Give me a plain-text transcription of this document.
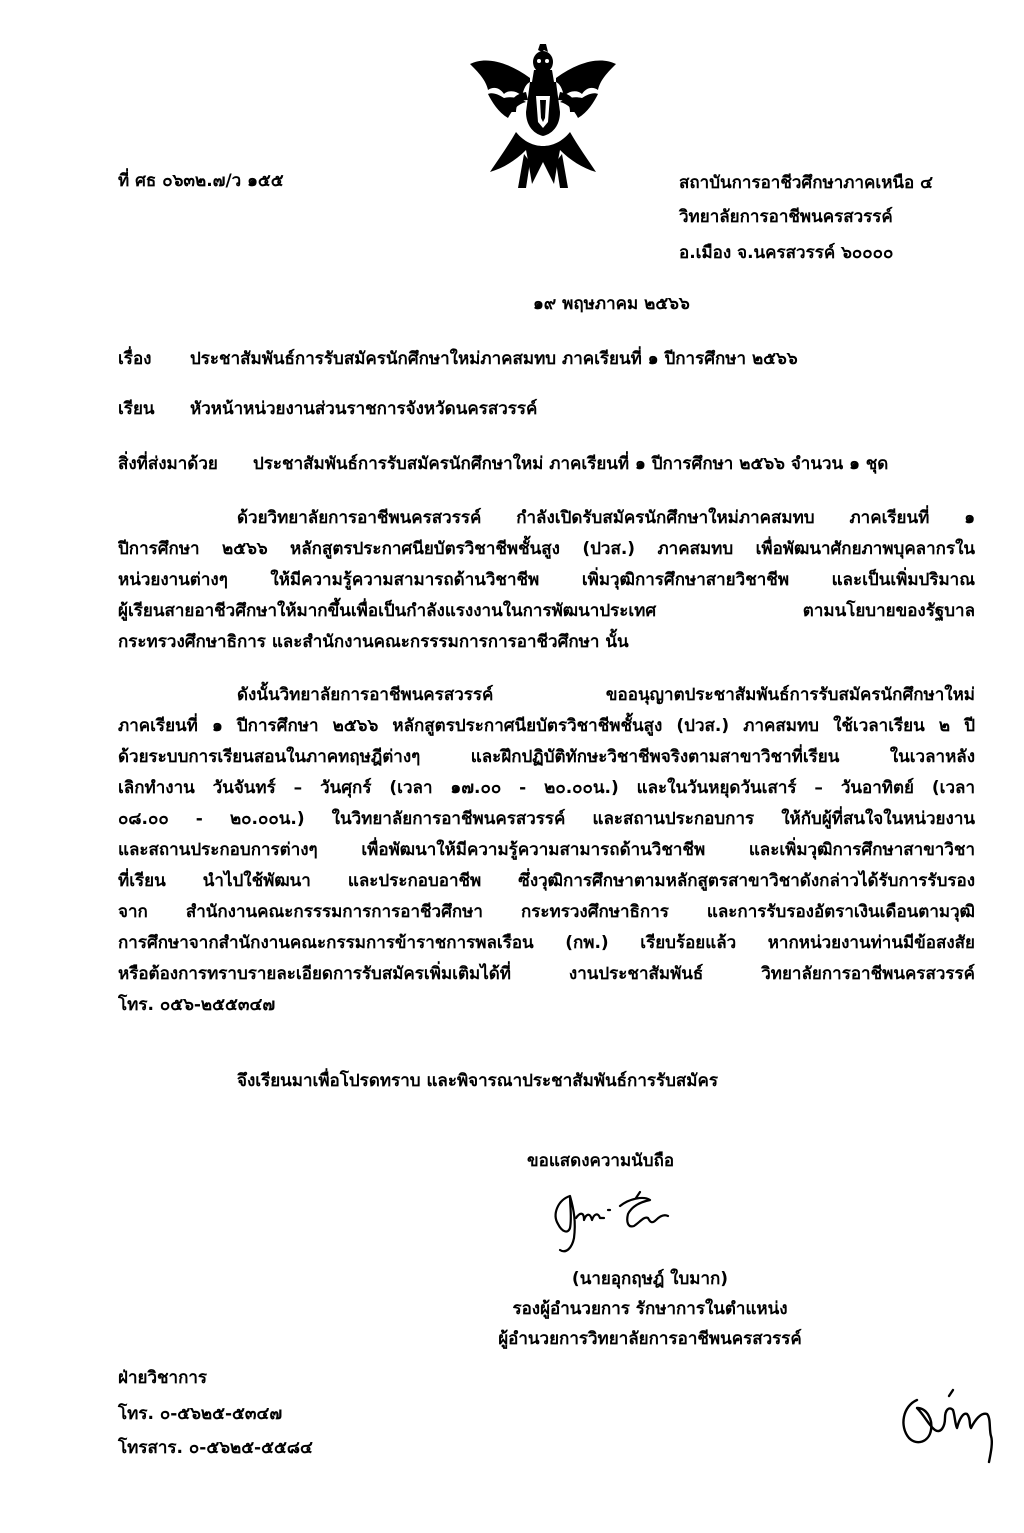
ที่ ศธ ๐๖๓๒.๗/ว ๑๕๕	สถาบันการอาชีวศึกษาภาคเหนือ ๔
วิทยาลัยการอาชีพนครสวรรค์
อ.เมือง จ.นครสวรรค์ ๖๐๐๐๐
๑๙ พฤษภาคม ๒๕๖๖
เรื่อง ประชาสัมพันธ์การรับสมัครนักศึกษาใหม่ภาคสมทบ ภาคเรียนที่ ๑ ปีการศึกษา ๒๕๖๖
เรียน หัวหน้าหน่วยงานส่วนราชการจังหวัดนครสวรรค์
สิ่งที่ส่งมาด้วย ประชาสัมพันธ์การรับสมัครนักศึกษาใหม่ ภาคเรียนที่ ๑ ปีการศึกษา ๒๕๖๖ จำนวน ๑ ชุด
ด้วยวิทยาลัยการอาชีพนครสวรรค์ กำลังเปิดรับสมัครนักศึกษาใหม่ภาคสมทบ ภาคเรียนที่ ๑
ปีการศึกษา ๒๕๖๖ หลักสูตรประกาศนียบัตรวิชาชีพชั้นสูง (ปวส.) ภาคสมทบ เพื่อพัฒนาศักยภาพบุคลากรใน
หน่วยงานต่างๆ ให้มีความรู้ความสามารถด้านวิชาชีพ เพิ่มวุฒิการศึกษาสายวิชาชีพ และเป็นเพิ่มปริมาณ
ผู้เรียนสายอาชีวศึกษาให้มากขึ้นเพื่อเป็นกำลังแรงงานในการพัฒนาประเทศ ตามนโยบายของรัฐบาล
กระทรวงศึกษาธิการ และสำนักงานคณะกรรรมการการอาชีวศึกษา นั้น
ดังนั้นวิทยาลัยการอาชีพนครสวรรค์ ขออนุญาตประชาสัมพันธ์การรับสมัครนักศึกษาใหม่
ภาคเรียนที่ ๑ ปีการศึกษา ๒๕๖๖ หลักสูตรประกาศนียบัตรวิชาชีพชั้นสูง (ปวส.) ภาคสมทบ ใช้เวลาเรียน ๒ ปี
ด้วยระบบการเรียนสอนในภาคทฤษฎีต่างๆ และฝึกปฏิบัติทักษะวิชาชีพจริงตามสาขาวิชาที่เรียน ในเวลาหลัง
เลิกทำงาน วันจันทร์ – วันศุกร์ (เวลา ๑๗.๐๐ - ๒๐.๐๐น.) และในวันหยุดวันเสาร์ – วันอาทิตย์ (เวลา
๐๘.๐๐ - ๒๐.๐๐น.) ในวิทยาลัยการอาชีพนครสวรรค์ และสถานประกอบการ ให้กับผู้ที่สนใจในหน่วยงาน
และสถานประกอบการต่างๆ เพื่อพัฒนาให้มีความรู้ความสามารถด้านวิชาชีพ และเพิ่มวุฒิการศึกษาสาขาวิชา
ที่เรียน นำไปใช้พัฒนา และประกอบอาชีพ ซึ่งวุฒิการศึกษาตามหลักสูตรสาขาวิชาดังกล่าวได้รับการรับรอง
จาก สำนักงานคณะกรรรมการการอาชีวศึกษา กระทรวงศึกษาธิการ และการรับรองอัตราเงินเดือนตามวุฒิ
การศึกษาจากสำนักงานคณะกรรมการข้าราชการพลเรือน (กพ.) เรียบร้อยแล้ว หากหน่วยงานท่านมีข้อสงสัย
หรือต้องการทราบรายละเอียดการรับสมัครเพิ่มเติมได้ที่ งานประชาสัมพันธ์ วิทยาลัยการอาชีพนครสวรรค์
โทร. ๐๕๖-๒๕๕๓๔๗
จึงเรียนมาเพื่อโปรดทราบ และพิจารณาประชาสัมพันธ์การรับสมัคร
ขอแสดงความนับถือ
(นายอุกฤษฎ์ ใบมาก)
รองผู้อำนวยการ รักษาการในตำแหน่ง
ผู้อำนวยการวิทยาลัยการอาชีพนครสวรรค์
ฝ่ายวิชาการ
โทร. ๐-๕๖๒๕-๕๓๔๗
โทรสาร. ๐-๕๖๒๕-๕๕๘๔
